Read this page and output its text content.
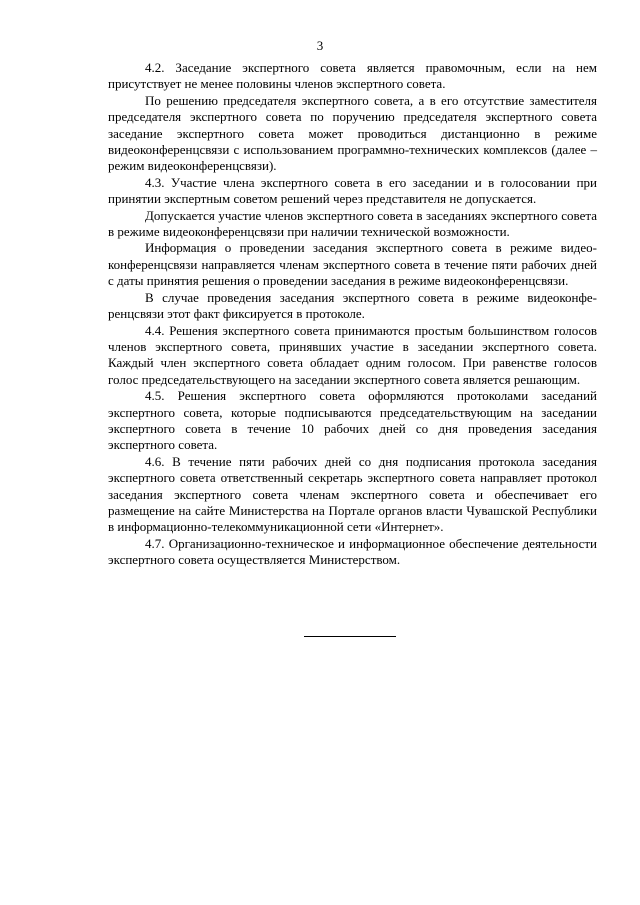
3

4.2. Заседание экспертного совета является правомочным, если на нем присутствует не менее половины членов экспертного совета.

По решению председателя экспертного совета, а в его отсутствие заместителя председателя экспертного совета по поручению председателя экспертного совета заседание экспертного совета может проводиться дистанционно в режиме видеоконференцсвязи с использованием программно-технических комплексов (далее – режим видеоконференцсвязи).

4.3. Участие члена экспертного совета в его заседании и в голосовании при принятии экспертным советом решений через представителя не допускается.

Допускается участие членов экспертного совета в заседаниях экспертного совета в режиме видеоконференцсвязи при наличии технической возможности.

Информация о проведении заседания экспертного совета в режиме видеоконференцсвязи направляется членам экспертного совета в течение пяти рабочих дней с даты принятия решения о проведении заседания в режиме видеоконференцсвязи.

В случае проведения заседания экспертного совета в режиме видеоконференцсвязи этот факт фиксируется в протоколе.

4.4. Решения экспертного совета принимаются простым большинством голосов членов экспертного совета, принявших участие в заседании экспертного совета. Каждый член экспертного совета обладает одним голосом. При равенстве голосов голос председательствующего на заседании экспертного совета является решающим.

4.5. Решения экспертного совета оформляются протоколами заседаний экспертного совета, которые подписываются председательствующим на заседании экспертного совета в течение 10 рабочих дней со дня проведения заседания экспертного совета.

4.6. В течение пяти рабочих дней со дня подписания протокола заседания экспертного совета ответственный секретарь экспертного совета направляет протокол заседания экспертного совета членам экспертного совета и обеспечивает его размещение на сайте Министерства на Портале органов власти Чувашской Республики в информационно-телекоммуникационной сети «Интернет».

4.7. Организационно-техническое и информационное обеспечение деятельности экспертного совета осуществляется Министерством.
